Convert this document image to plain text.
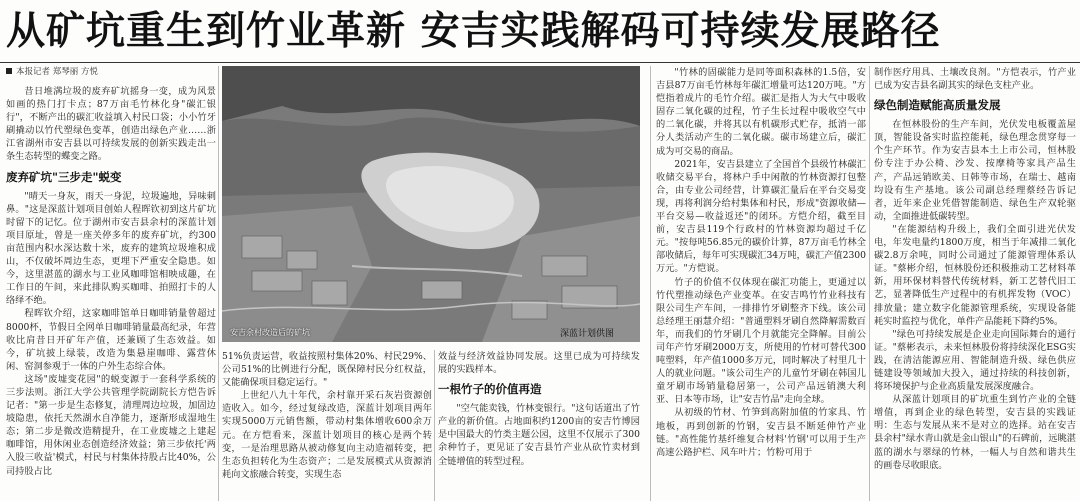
从矿坑重生到竹业革新 安吉实践解码可持续发展路径
本报记者 郑琴丽 方悦

昔日堆满垃圾的废弃矿坑摇身一变，成为风景如画的热门打卡点；87万亩毛竹林化身"碳汇银行"，不断产出的碳汇收益填入村民口袋；小小竹牙刷撬动以竹代塑绿色变革，创造出绿色产业……浙江省湖州市安吉县以可持续发展的创新实践走出一条生态转型的蝶变之路。

废弃矿坑"三步走"蜕变

"晴天一身灰，雨天一身泥，垃圾遍地，异味刺鼻。"这是深蓝计划项目创始人程晖钦初到这片矿坑时留下的记忆。位于湖州市安吉县余村的深蓝计划项目原址，曾是一座关停多年的废弃矿坑，约300亩范围内积水深达数十米，废弃的建筑垃圾堆积成山，不仅破坏周边生态，更埋下严重安全隐患。如今，这里湛蓝的湖水与工业风咖啡馆相映成趣，在工作日的午间，来此排队购买咖啡、拍照打卡的人络绎不绝。

程晖钦介绍，这家咖啡馆单日咖啡销量曾超过8000杯，节假日全网单日咖啡销量最高纪录，年营收比肩昔日开矿年产值，还兼顾了生态效益。如今，矿坑披上绿装，改造为集悬崖咖啡、露营休闲、窑洞参观于一体的户外生态综合体。

这场"废墟变花园"的蜕变源于一套科学系统的三步法则。浙江大学公共管理学院副院长方恺告诉记者："第一步是生态修复，清理周边垃圾，加固边坡隐患，依托天然湖水自净能力，逐渐形成湿地生态；第二步是微改造精提升，在工业废墟之上建起咖啡馆，用休闲业态创造经济效益；第三步依托'两入股三收益'模式，村民与村集体持股占比40%，公司持股占比

安吉余村改造后的矿坑	深蓝计划供图

51%负责运营，收益按照村集体20%、村民29%、公司51%的比例进行分配，既保障村民分红权益，又能确保项目稳定运行。"

上世纪八九十年代，余村靠开采石灰岩资源创造收入。如今，经过复绿改造，深蓝计划项目两年实现5000万元销售额，带动村集体增收600余万元。在方恺看来，深蓝计划项目的核心是两个转变，一是治理思路从被动修复向主动造福转变，把生态负担转化为生态资产；二是发展模式从资源消耗向文旅融合转变，实现生态

效益与经济效益协同发展。这里已成为可持续发展的实践样本。

一根竹子的价值再造

"空气能卖钱，竹林变银行。"这句话道出了竹产业的新价值。占地面积约1200亩的安吉竹博园是中国最大的竹类主题公园，这里不仅展示了300余种竹子，更见证了安吉县竹产业从砍竹卖材到全链增值的转型过程。

"竹林的固碳能力是同等面积森林的1.5倍，安吉县87万亩毛竹林每年碳汇增量可达120万吨。"方恺指着成片的毛竹介绍。碳汇是指人为大气中吸收固存二氧化碳的过程，竹子生长过程中吸收空气中的二氧化碳，并将其以有机碳形式贮存，抵消一部分人类活动产生的二氧化碳。碳市场建立后，碳汇成为可交易的商品。

2021年，安吉县建立了全国首个县级竹林碳汇收储交易平台，将林户手中闲散的竹林资源打包整合，由专业公司经营，计算碳汇量后在平台交易变现，再将利润分给村集体和村民，形成"资源收储—平台交易—收益返还"的闭环。方恺介绍，截至目前，安吉县119个行政村的竹林资源均超过千亿元。"按每吨56.85元的碳价计算，87万亩毛竹林全部收储后，每年可实现碳汇34万吨，碳汇产值2300万元。"方恺说。

竹子的价值不仅体现在碳汇功能上，更通过以竹代塑推动绿色产业变革。在安吉鸣竹竹业科技有限公司生产车间，一排排竹牙刷整齐下线。该公司总经理王丽慧介绍："普通塑料牙刷自然降解需数百年，而我们的竹牙刷几个月就能完全降解。目前公司年产竹牙刷2000万支，所使用的竹材可替代300吨塑料，年产值1000多万元，同时解决了村里几十人的就业问题。"该公司生产的儿童竹牙刷在韩国儿童牙刷市场销量稳居第一，公司产品远销澳大利亚、日本等市场，让"安吉竹品"走向全球。

从初级的竹材、竹笋到高附加值的竹家具、竹地板，再到创新的竹钢，安吉县不断延伸竹产业链。"高性能竹基纤维复合材料'竹钢'可以用于生产高速公路护栏、风车叶片；竹粉可用于

制作医疗用具、土壤改良剂。"方恺表示，竹产业已成为安吉县名副其实的绿色支柱产业。

绿色制造赋能高质量发展

在恒林股份的生产车间，光伏发电板覆盖屋顶，智能设备实时监控能耗，绿色理念贯穿每一个生产环节。作为安吉县本土上市公司，恒林股份专注于办公椅、沙发、按摩椅等家具产品生产，产品远销欧美、日韩等市场，在瑞士、越南均设有生产基地。该公司副总经理蔡经告诉记者，近年来企业凭借智能制造、绿色生产双轮驱动，全面推进低碳转型。

"在能源结构升级上，我们全面引进光伏发电，年发电量约1800万度，相当于年减排二氧化碳2.8万余吨，同时公司通过了能源管理体系认证。"蔡彬介绍，恒林股份还积极推动工艺材料革新，用环保材料替代传统材料，新工艺替代旧工艺，显著降低生产过程中的有机挥发物（VOC）排放量；建立数字化能源管理系统，实现设备能耗实时监控与优化，单件产品能耗下降约5%。

"绿色可持续发展是企业走向国际舞台的通行证。"蔡彬表示，未来恒林股份将持续深化ESG实践，在清洁能源应用、智能制造升级、绿色供应链建设等领域加大投入，通过持续的科技创新，将环境保护与企业高质量发展深度融合。

从深蓝计划项目的矿坑重生到竹产业的全链增值，再到企业的绿色转型，安吉县的实践证明：生态与发展从来不是对立的选择。站在安吉县余村"绿水青山就是金山银山"的石碑前，远眺湛蓝的湖水与翠绿的竹林，一幅人与自然和谐共生的画卷尽收眼底。
